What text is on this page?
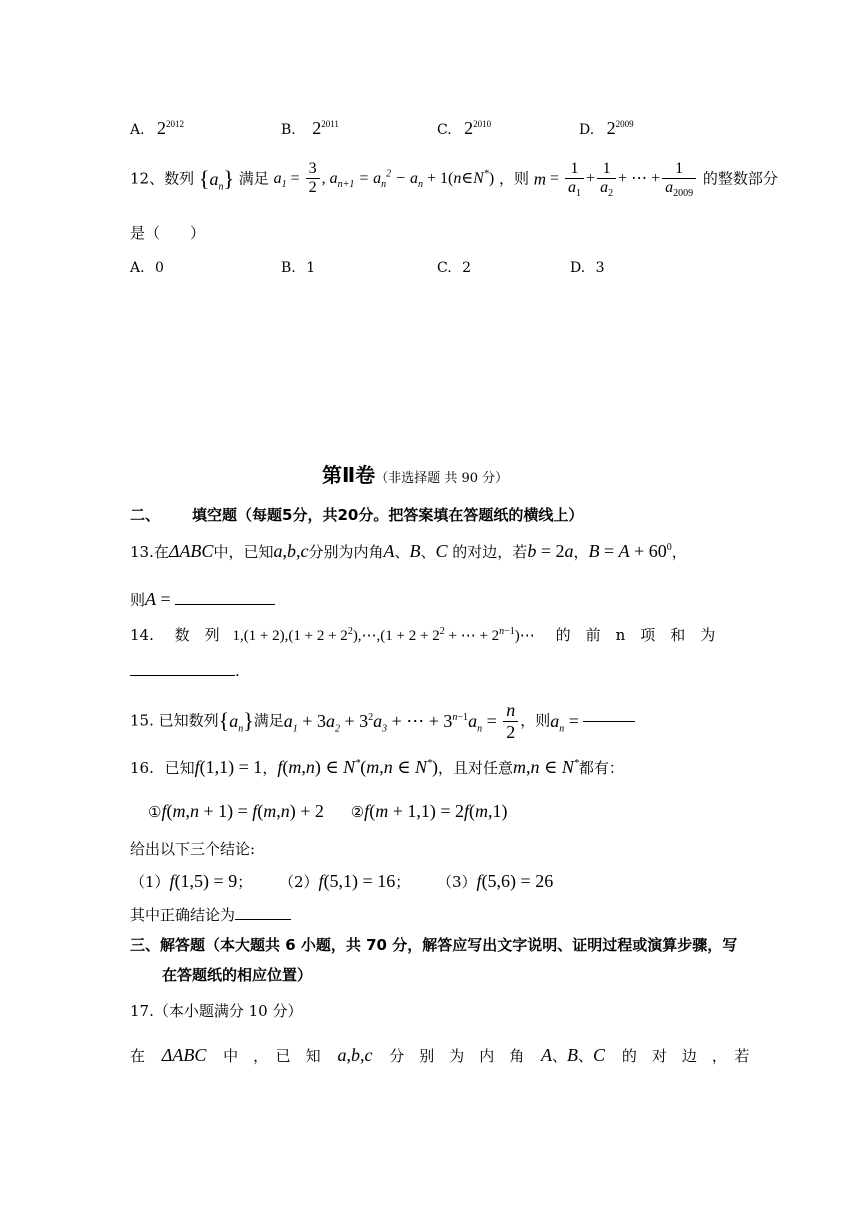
A. $2^{2012}$	B. $2^{2011}$	C. $2^{2010}$	D. $2^{2009}$
12、数列 $\{a_n\}$ 满足 $a_1 = \frac{3}{2}$ , $a_{n+1} = a_n^2 - a_n$ + 1(n∈N*) ，则 $m = \frac{1}{a_1} + \frac{1}{a_2}$ + ⋯ + $\frac{1}{a_{2009}}$ 的整数部分
是（　　）
A. 0	B. 1	C. 2	D. 3
第Ⅱ卷（非选择题 共 90 分）
二、 填空题（每题5分，共20分。把答案填在答题纸的横线上）
13.在ΔABC中，已知a,b,c分别为内角A、B、C 的对边，若b = 2a，$B = A + 60^0$，
则A =
14. 数　列 $1,(1 + 2),(1 + 2 + 2^2),\cdots,(1 + 2 + 2^2$ + ⋯ + $2^{n-1})\cdots$ 的　前　n　项　和　为
.
15. 已知数列$\{a_n\}$满足$a_1 + 3a_2 + 3^2a_3$ + ⋯ + $3^{n-1}a_n = \frac{n}{2}$ ，则$a_n$ =
16. 已知f(1,1) = 1，f(m,n) ∈ N*(m,n ∈ N*)，且对任意m,n ∈ N*都有：
①f(m,n + 1) = f(m,n) + 2 ②f(m + 1,1) = 2f(m,1)
给出以下三个结论:
（1）f(1,5) = 9； （2）f(5,1) = 16； （3）f(5,6) = 26
其中正确结论为
三、解答题（本大题共 6 小题，共 70 分，解答应写出文字说明、证明过程或演算步骤，写
在答题纸的相应位置）
17.（本小题满分 10 分）
在 ΔABC 中　，　已　知 a,b,c 分　别　为　内　角 A、B、C 的　对　边　，　若
